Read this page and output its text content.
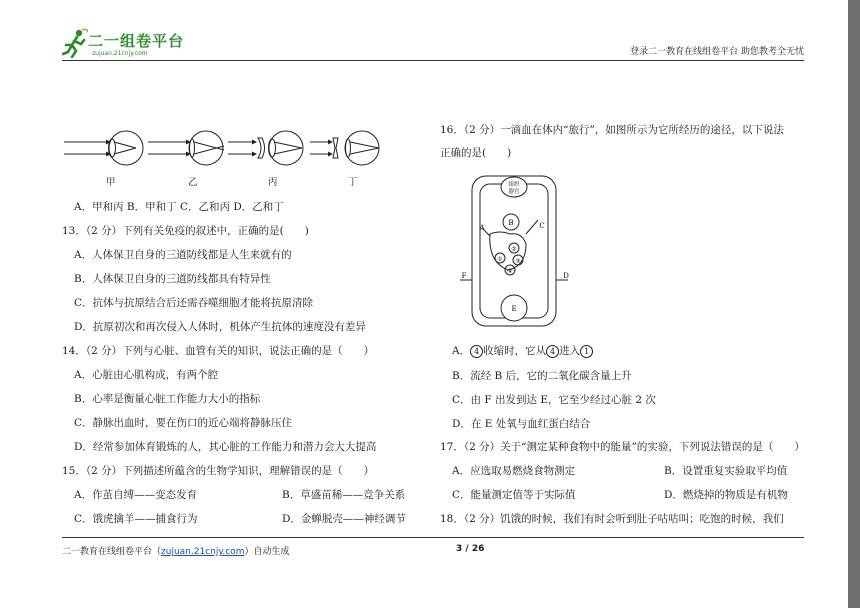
二一组卷平台
zujuan.21cnjy.com	登录二一教育在线组卷平台 助您教考全无忧
甲	乙	丙	丁
A．甲和丙 B．甲和丁 C．乙和丙 D．乙和丁
13．（2 分）下列有关免疫的叙述中，正确的是(　　)
A．人体保卫自身的三道防线都是人生来就有的
B．人体保卫自身的三道防线都具有特异性
C．抗体与抗原结合后还需吞噬细胞才能将抗原清除
D．抗原初次和再次侵入人体时，机体产生抗体的速度没有差异
14．（2 分）下列与心脏、血管有关的知识，说法正确的是（　　）
A．心脏由心肌构成，有两个腔
B．心率是衡量心脏工作能力大小的指标
C．静脉出血时，要在伤口的近心端将静脉压住
D．经常参加体育锻炼的人，其心脏的工作能力和潜力会大大提高
15．（2 分）下列描述所蕴含的生物学知识，理解错误的是（　　）
A．作茧自缚——变态发育	B．草盛苗稀——竞争关系
C．饿虎擒羊——捕食行为	D．金蝉脱壳——神经调节
16．（2 分）一滴血在体内“旅行”，如图所示为它所经历的途径，以下说法
正确的是(　　)
组织
器官
B
A	C
D
E
F
①
②
③
④
A． 4 收缩时，它从 4 进入 1
B．流经 B 后，它的二氧化碳含量上升
C．由 F 出发到达 E，它至少经过心脏 2 次
D．在 E 处氧与血红蛋白结合
17．（2 分）关于“测定某种食物中的能量”的实验，下列说法错误的是（　　）
A．应选取易燃烧食物测定	B．设置重复实验取平均值
C．能量测定值等于实际值	D．燃烧掉的物质是有机物
18．（2 分）饥饿的时候，我们有时会听到肚子咕咕叫；吃饱的时候，我们
二一教育在线组卷平台（zujuan.21cnjy.com）自动生成	3 / 26
